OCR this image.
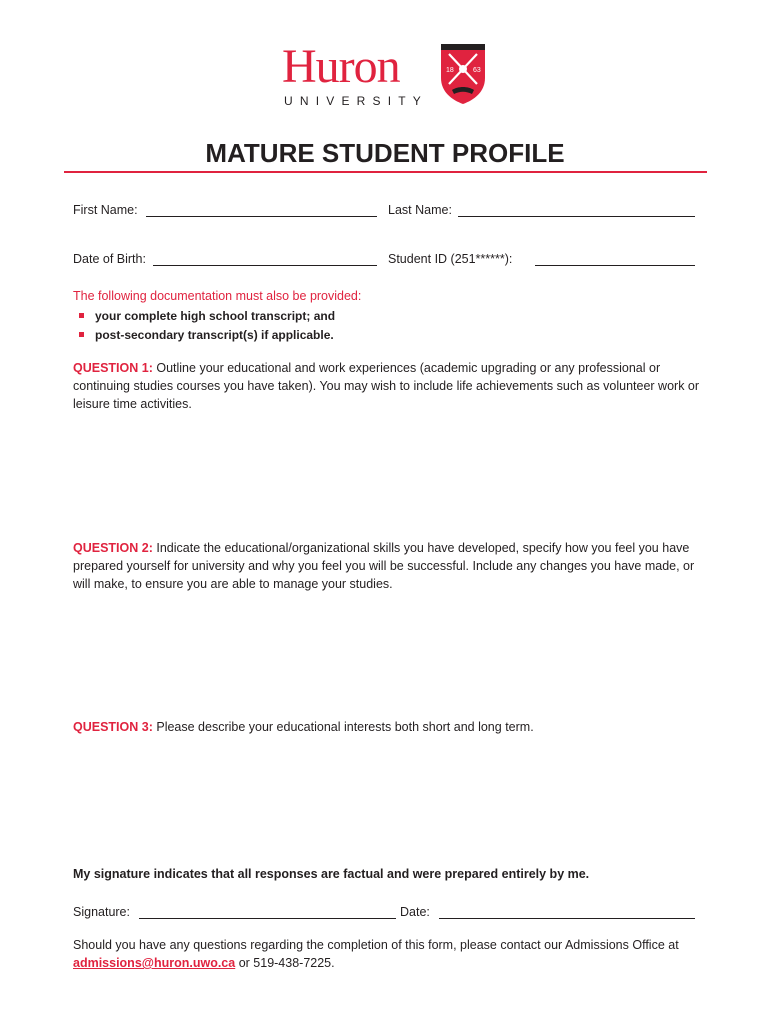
Huron
UNIVERSITY
18	63
MATURE STUDENT PROFILE
First Name:	Last Name:
Date of Birth:	Student ID (251******):
The following documentation must also be provided:
your complete high school transcript; and
post-secondary transcript(s) if applicable.
QUESTION 1: Outline your educational and work experiences (academic upgrading or any professional or continuing studies courses you have taken). You may wish to include life achievements such as volunteer work or leisure time activities.
QUESTION 2: Indicate the educational/organizational skills you have developed, specify how you feel you have prepared yourself for university and why you feel you will be successful. Include any changes you have made, or will make, to ensure you are able to manage your studies.
QUESTION 3: Please describe your educational interests both short and long term.
My signature indicates that all responses are factual and were prepared entirely by me.
Signature:	Date:
Should you have any questions regarding the completion of this form, please contact our Admissions Office at admissions@huron.uwo.ca or 519-438-7225.
